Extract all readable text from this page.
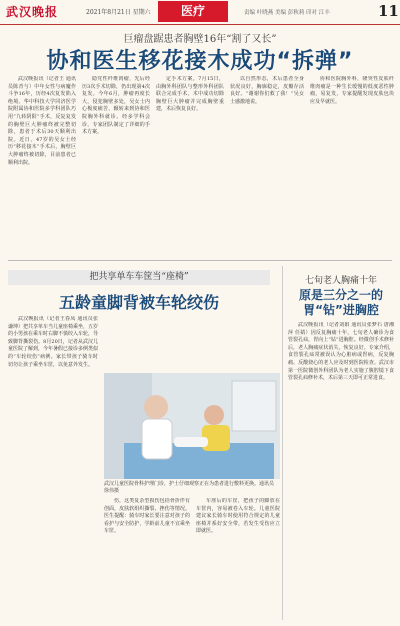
武汉晚报	2021年8月21日 星期六	医疗	责编 叶晓燕 美编 彭秋莉 印对 江丰	11
巨瘤盘踞患者胸壁16年“割了又长”
协和医生移花接木成功“拆弹”

武汉晚报讯（记者王 通讯员陈青与）中年女性与病魔作斗争16年，历经4次复发陷入绝境。华中科技大学同济医学院附属协和医院多学科团队巧用“九转阴阳”手术，反复复发的胸壁巨大肿瘤终被完整切除，患者于术后30天顺利出院。近日，47岁的吴女士经历“移花接木”手术后，胸壁巨大肿瘤终被切除，目前患者已顺利出院。

隐党性纤维肉瘤，先后经历3次手术切除，仍出现第4次复发。今年6月，肿瘤再度长大，侵犯胸壁多处，吴女士内心极度痛苦，辗转来到协和医院胸外科就诊。经多学科会诊，专家团队制定了详细的手术方案。

定手术方案。7月15日，由胸外科团队与整形外科团队联合完成手术，术中成功切除胸壁巨大肿瘤并完成胸壁重建，术后恢复良好。

以自然形态，术后患者全身状况良好，胸廓稳定，皮瓣存活良好。“谢谢你们救了我！”吴女士感激地说。

协和医院胸外科，隆突性皮肤纤维肉瘤是一种生长缓慢的低度恶性肿瘤，易复发，专家提醒发现皮肤包块应及早就医。

把共享单车车筐当“座椅”
五龄童脚背被车轮绞伤

武汉晚报讯（记者王春凤 通讯员张谦坤）把共享单车当儿童座椅乘坐，五岁的小男孩在乘车时右脚不慎绞入车轮，导致脚背撕裂伤。8月20日，记者从武汉儿童医院了解到，今年暑假已接诊多例类似的“车轮绞伤”病例。家长带孩子骑车时切勿让孩子乘坐车筐，以免意外发生。

武汉儿童医院骨科护理门诊，护士仔细观察正在为患者进行敷料更换。通讯员 徐伟摄

伤，这类复杂型损伤包括骨折伴有创面，皮肤软组织撕裂、挫伤等情况。医生提醒：骑车时家长要注意对孩子的看护与安全防护，学龄前儿童不宜乘坐车筐。

车座后的车筐，把孩子的脚放在车筐内，容易被卷入车轮。儿童医院建议家长骑车时使用符合规定的儿童座椅并系好安全带，若发生受伤应立即就医。

七旬老人胸痛十年
原是三分之一的胃“钻”进胸腔

武汉晚报讯（记者刘娟 通讯员张梦石 唐湘萍 任婧）因反复胸痛十年，七旬老人确诊为食管裂孔疝，胃向上“钻”进胸腔。经微创手术修补后，老人胸痛症状消失，恢复良好。专家介绍，食管裂孔疝常被误认为心脏病或胃病，反复胸痛、反酸烧心的老人应及时到医院检查。武汉市第一医院微创外科团队为老人实施了腹腔镜下食管裂孔疝修补术，术后第三天即可正常进食。
